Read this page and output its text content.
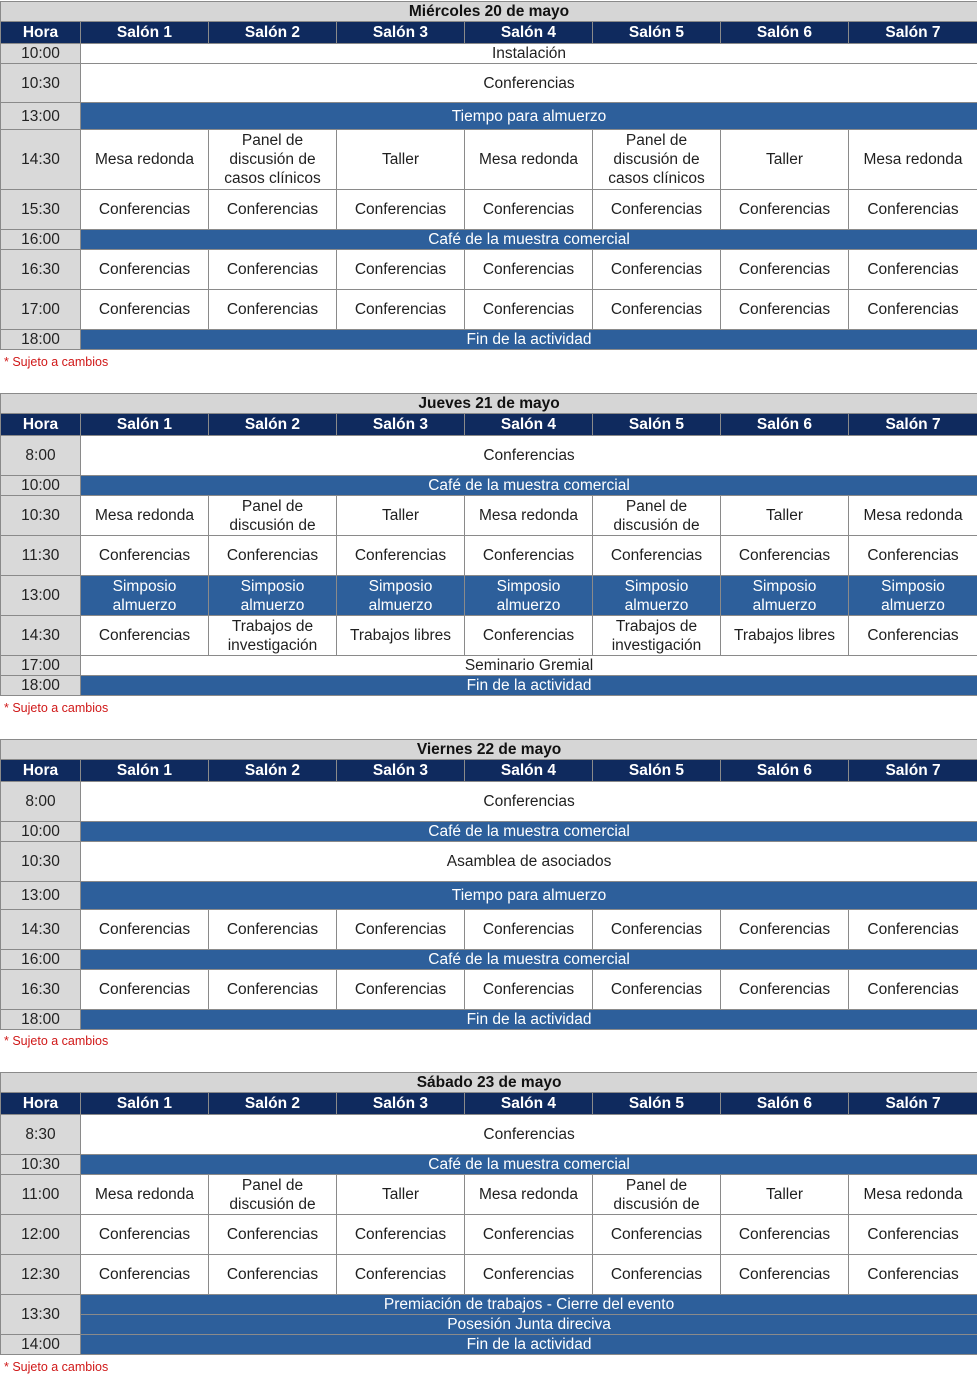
Miércoles 20 de mayo							
Hora	Salón 1	Salón 2	Salón 3	Salón 4	Salón 5	Salón 6	Salón 7
10:00	Instalación						
10:30	Conferencias						
13:00	Tiempo para almuerzo						
14:30	Mesa redonda	Panel de discusión de casos clínicos	Taller	Mesa redonda	Panel de discusión de casos clínicos	Taller	Mesa redonda
15:30	Conferencias	Conferencias	Conferencias	Conferencias	Conferencias	Conferencias	Conferencias
16:00	Café de la muestra comercial						
16:30	Conferencias	Conferencias	Conferencias	Conferencias	Conferencias	Conferencias	Conferencias
17:00	Conferencias	Conferencias	Conferencias	Conferencias	Conferencias	Conferencias	Conferencias
18:00	Fin de la actividad						
* Sujeto a cambios
Jueves 21 de mayo							
Hora	Salón 1	Salón 2	Salón 3	Salón 4	Salón 5	Salón 6	Salón 7
8:00	Conferencias						
10:00	Café de la muestra comercial						
10:30	Mesa redonda	Panel de discusión de	Taller	Mesa redonda	Panel de discusión de	Taller	Mesa redonda
11:30	Conferencias	Conferencias	Conferencias	Conferencias	Conferencias	Conferencias	Conferencias
13:00	Simposio almuerzo	Simposio almuerzo	Simposio almuerzo	Simposio almuerzo	Simposio almuerzo	Simposio almuerzo	Simposio almuerzo
14:30	Conferencias	Trabajos de investigación	Trabajos libres	Conferencias	Trabajos de investigación	Trabajos libres	Conferencias
17:00	Seminario Gremial						
18:00	Fin de la actividad						
* Sujeto a cambios
Viernes 22 de mayo							
Hora	Salón 1	Salón 2	Salón 3	Salón 4	Salón 5	Salón 6	Salón 7
8:00	Conferencias						
10:00	Café de la muestra comercial						
10:30	Asamblea de asociados						
13:00	Tiempo para almuerzo						
14:30	Conferencias	Conferencias	Conferencias	Conferencias	Conferencias	Conferencias	Conferencias
16:00	Café de la muestra comercial						
16:30	Conferencias	Conferencias	Conferencias	Conferencias	Conferencias	Conferencias	Conferencias
18:00	Fin de la actividad						
* Sujeto a cambios
Sábado 23 de mayo							
Hora	Salón 1	Salón 2	Salón 3	Salón 4	Salón 5	Salón 6	Salón 7
8:30	Conferencias						
10:30	Café de la muestra comercial						
11:00	Mesa redonda	Panel de discusión de	Taller	Mesa redonda	Panel de discusión de	Taller	Mesa redonda
12:00	Conferencias	Conferencias	Conferencias	Conferencias	Conferencias	Conferencias	Conferencias
12:30	Conferencias	Conferencias	Conferencias	Conferencias	Conferencias	Conferencias	Conferencias
13:30	Premiación de trabajos - Cierre del evento						
	Posesión Junta direciva						
14:00	Fin de la actividad						
* Sujeto a cambios
